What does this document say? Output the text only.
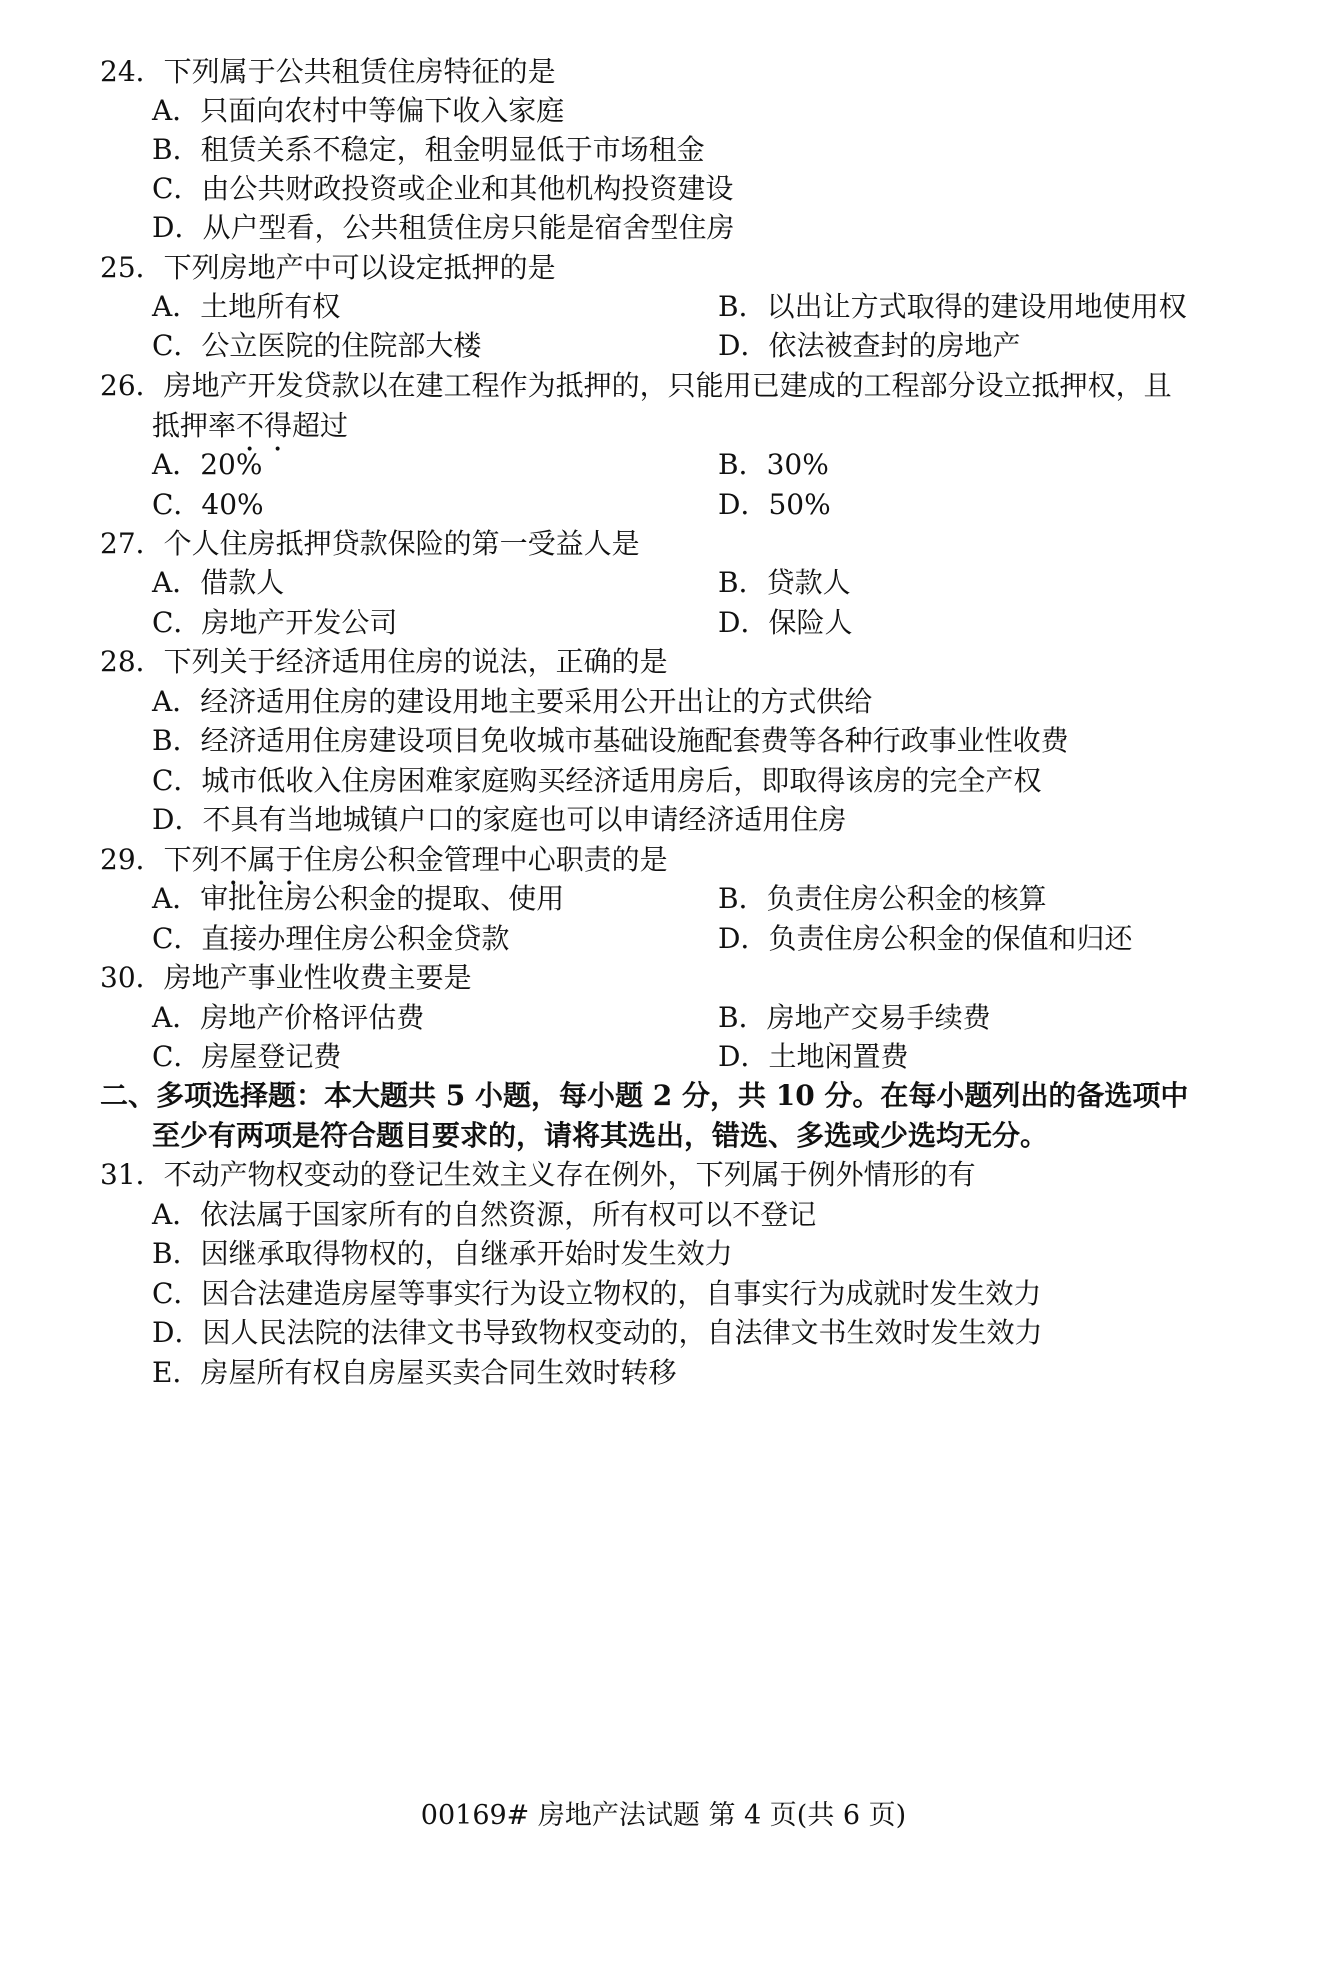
24．下列属于公共租赁住房特征的是
A．只面向农村中等偏下收入家庭
B．租赁关系不稳定，租金明显低于市场租金
C．由公共财政投资或企业和其他机构投资建设
D．从户型看，公共租赁住房只能是宿舍型住房
25．下列房地产中可以设定抵押的是
A．土地所有权	B．以出让方式取得的建设用地使用权
C．公立医院的住院部大楼	D．依法被查封的房地产
26．房地产开发贷款以在建工程作为抵押的，只能用已建成的工程部分设立抵押权，且
抵押率不得超过
A．20%	B．30%
C．40%	D．50%
27．个人住房抵押贷款保险的第一受益人是
A．借款人	B．贷款人
C．房地产开发公司	D．保险人
28．下列关于经济适用住房的说法，正确的是
A．经济适用住房的建设用地主要采用公开出让的方式供给
B．经济适用住房建设项目免收城市基础设施配套费等各种行政事业性收费
C．城市低收入住房困难家庭购买经济适用房后，即取得该房的完全产权
D．不具有当地城镇户口的家庭也可以申请经济适用住房
29．下列不属于住房公积金管理中心职责的是
A．审批住房公积金的提取、使用	B．负责住房公积金的核算
C．直接办理住房公积金贷款	D．负责住房公积金的保值和归还
30．房地产事业性收费主要是
A．房地产价格评估费	B．房地产交易手续费
C．房屋登记费	D．土地闲置费
二、多项选择题：本大题共 5 小题，每小题 2 分，共 10 分。在每小题列出的备选项中
至少有两项是符合题目要求的，请将其选出，错选、多选或少选均无分。
31．不动产物权变动的登记生效主义存在例外，下列属于例外情形的有
A．依法属于国家所有的自然资源，所有权可以不登记
B．因继承取得物权的，自继承开始时发生效力
C．因合法建造房屋等事实行为设立物权的，自事实行为成就时发生效力
D．因人民法院的法律文书导致物权变动的，自法律文书生效时发生效力
E．房屋所有权自房屋买卖合同生效时转移
00169# 房地产法试题 第 4 页(共 6 页)
